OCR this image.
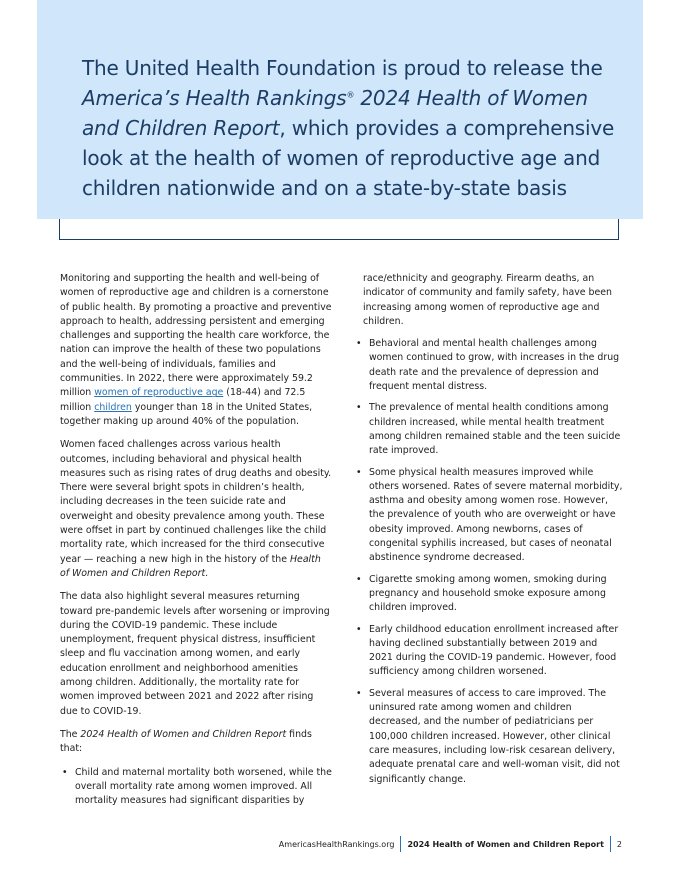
The United Health Foundation is proud to release the America’s Health Rankings® 2024 Health of Women and Children Report, which provides a comprehensive look at the health of women of reproductive age and children nationwide and on a state-by-state basis

Monitoring and supporting the health and well-being of women of reproductive age and children is a cornerstone of public health. By promoting a proactive and preventive approach to health, addressing persistent and emerging challenges and supporting the health care workforce, the nation can improve the health of these two populations and the well-being of individuals, families and communities. In 2022, there were approximately 59.2 million women of reproductive age (18-44) and 72.5 million children younger than 18 in the United States, together making up around 40% of the population.

Women faced challenges across various health outcomes, including behavioral and physical health measures such as rising rates of drug deaths and obesity. There were several bright spots in children’s health, including decreases in the teen suicide rate and overweight and obesity prevalence among youth. These were offset in part by continued challenges like the child mortality rate, which increased for the third consecutive year — reaching a new high in the history of the Health of Women and Children Report.

The data also highlight several measures returning toward pre-pandemic levels after worsening or improving during the COVID-19 pandemic. These include unemployment, frequent physical distress, insufficient sleep and flu vaccination among women, and early education enrollment and neighborhood amenities among children. Additionally, the mortality rate for women improved between 2021 and 2022 after rising due to COVID-19.

The 2024 Health of Women and Children Report finds that:

• Child and maternal mortality both worsened, while the overall mortality rate among women improved. All mortality measures had significant disparities by
race/ethnicity and geography. Firearm deaths, an indicator of community and family safety, have been increasing among women of reproductive age and children.
• Behavioral and mental health challenges among women continued to grow, with increases in the drug death rate and the prevalence of depression and frequent mental distress.
• The prevalence of mental health conditions among children increased, while mental health treatment among children remained stable and the teen suicide rate improved.
• Some physical health measures improved while others worsened. Rates of severe maternal morbidity, asthma and obesity among women rose. However, the prevalence of youth who are overweight or have obesity improved. Among newborns, cases of congenital syphilis increased, but cases of neonatal abstinence syndrome decreased.
• Cigarette smoking among women, smoking during pregnancy and household smoke exposure among children improved.
• Early childhood education enrollment increased after having declined substantially between 2019 and 2021 during the COVID-19 pandemic. However, food sufficiency among children worsened.
• Several measures of access to care improved. The uninsured rate among women and children decreased, and the number of pediatricians per 100,000 children increased. However, other clinical care measures, including low-risk cesarean delivery, adequate prenatal care and well-woman visit, did not significantly change.
AmericasHealthRankings.org 2024 Health of Women and Children Report 2
